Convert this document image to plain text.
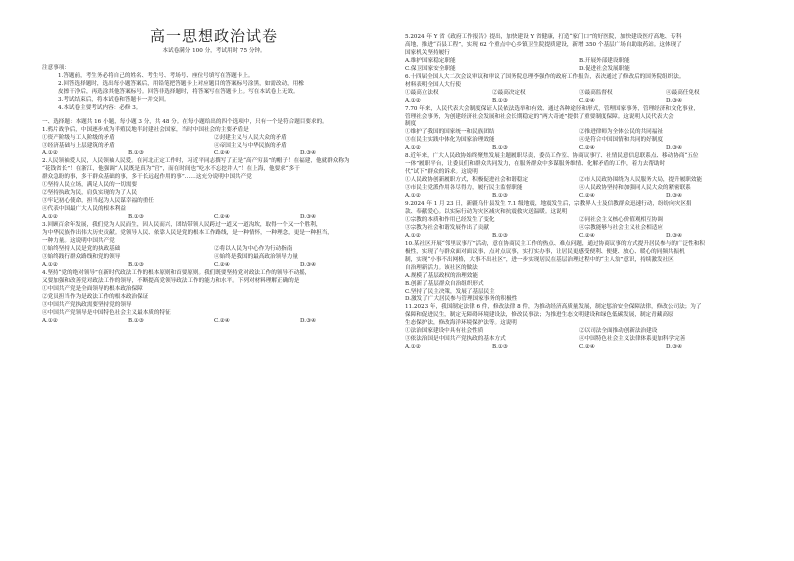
高一思想政治试卷
本试卷满分 100 分，考试用时 75 分钟。
注意事项：
1.答题前，考生务必将自己的姓名、考生号、考场号、座位号填写在答题卡上。
2.回答选择题时，选出每小题答案后，用铅笔把答题卡上对应题目的答案标号涂黑，如需改动，用橡
皮擦干净后，再选涂其他答案标号。回答非选择题时，将答案写在答题卡上。写在本试卷上无效。
3.考试结束后，将本试卷和答题卡一并交回。
4.本试卷主要考试内容：必修 3。
一、选择题：本题共 16 小题，每小题 3 分，共 48 分。在每小题给出的四个选项中，只有一个是符合题目要求的。
1.鸦片战争后，中国逐步成为半殖民地半封建社会国家，当时中国社会的主要矛盾是
①资产阶级与工人阶级的矛盾	②封建主义与人民大众的矛盾
③经济基础与上层建筑的矛盾	④帝国主义与中华民族的矛盾
A.①②	B.①③	C.②④	D.③④
2.人民领袖爱人民，人民领袖人民爱。在河北正定工作时，习近平同志撰写了正是“高产穷县”的帽子！在福建，他就群众称为
“花钱省长”！在浙江，他强调“人民既是真为“官”，而在时间也“吃水不忘挖井人”！在上海，他要求“多干
群众急盼的事，多干群众基础的事，多干长远起作用的事”……这充分说明中国共产党
①坚持人民立场，满足人民的一切需要
②坚持执政为民，肩负实现的为了人民
③牢记初心使命，担当起为人民谋幸福的重任
④代表中国最广大人民的根本利益
A.①②	B.①③	C.②④	D.③④
3.回顾百余年发展，我们党为人民而生，因人民而兴，团结带领人民跨过一道又一道沟坎，取得一个又一个胜利，
为中华民族作出伟大历史贡献。党领导人民、依靠人民是党的根本工作路线，是一种情怀，一种理念，更是一种担当，
一种力量。这说明中国共产党
①始终坚持人民是党的执政基础	②将以人民为中心作为行动指南
③始终践行群众路线和党的领导	④始终是我国的最高政治领导力量
A.①②	B.①③	C.②④	D.③④
4.坚持“党的绝对领导”在新时代政法工作的根本原则和首要原则。我们既要坚持党对政法工作的领导不动摇，
又要加强和改善党对政法工作的领导，不断提高党领导政法工作的能力和水平。下列对材料理解正确的是
①中国共产党是全面领导的根本政治保障
②党员担当作为是政法工作的根本政治保证
③中国共产党执政需要坚持党的领导
④中国共产党领导是中国特色社会主义最本质的特征
A.①②	B.①③	C.②④	D.③④
5.2024 年 Y 省《政府工作报告》提出，加快建设 Y 省健康，打造“家门口”的好医院，加快建设医疗高地、专科
高地，推进“百县工程”，实现 62 个重点中心乡镇卫生院提质建设，新增 350 个基层广场自助取药站。这体现了
国家机关坚持履行
A.维护国家稳定职能	B.开展外部建设职能
C.保卫国家安全职能	D.促进社会发展职能
6.十四届全国人大二次会议审议和审议了国务院总理李强作的政府工作报告，表决通过了修改后的国务院组织法。
材料表明全国人大行使
①最高立法权	②最高决定权	③最高监督权	④最高任免权
A.①②	B.①③	C.②④	D.③④
7.70 年来，人民代表大会制度保证人民依法选举和有效、通过各种途径和形式，管理国家事务，管理经济和文化事业，
管理社会事务，为创建经济社会发展和社会长期稳定的“两大奇迹”提供了重要制度保障。这说明人民代表大会
制度
①维护了我国的国家统一和民族团结	②推进律师为全体公民的共同福祉
③在民主实践中体化为国家治理效能	④是符合中国国情和共同的好制度
A.①②	B.①③	C.②④	D.③④
8.近年来，广大人民政协始终聚焦发展主题履职尽责，委员工作室、协商议事厅、社情民意信息联系点、移动协商“五位
一体”履职平台，让委员们和群众共同发力，在服务群众中多谋服务维情、化解矛盾的工作，着力去帮助时
代“试下”群众的诉求。这说明
①人民政协创新履职方式，积极促进社会和谐稳定	②市人民政协围绕为人民服务大局，提升履职效能
③市民主党派作用各尽得力，履行民主监督职能	④人民政协坚持和加强同人民大众的紧密联系
A.①②	B.①③	C.②④	D.③④
9.2024 年 1 月 23 日，新疆乌什县发生 7.1 级地震，地震发生后，宗教界人士及信教群众迅速行动，纷纷向灾区捐
款、奉献爱心。以实际行动为灾区减灾和抗震救灾送温暖。这说明
①宗教的本质和作用已经发生了变化	②同社会主义核心价值观相互协调
③宗教为社会和谐发展作出了贡献	④宗教能够与社会主义社会相适应
A.①②	B.①③	C.②④	D.③④
10.某社区开展“邻里议事厅”活动，意在协商民主工作的热点、难点问题，通过协商议事的方式提升居民参与的广泛性和积
极性，实现了与群众面对面议事，点对点议事，实打实办事，让居民更感受便利、便捷、放心、暖心的同频共振机
制，实现“小事不出网格，大事不出社区”，进一步实现居民在基层治理过程中的“主人翁”意识，持续激发社区
自治理新活力。该社区的做法
A.规模了基层政权的治理效能
B.创新了基层群众自治组织形式
C.坚持了民主决策，发展了基层民主
D.激发了广大居民参与管理国家事务的积极性
11.2023 年，我国制定法律 6 件，修改法律 8 件，为推动经济高质量发展，制定惩治安全保障法律，修改公司法；为了
保障和促进民生，制定无障碍环境建设法，修改民事法；为推进生态文明建设和绿色低碳发展，制定青藏高原
生态保护法，修改海洋环境保护法等。这说明
①法治国家建设中具有社会性质	②以司法全面推动创新法治建设
③依法治国是中国共产党执政的基本方式	④中国特色社会主义法律体系更加科学完善
A.①②	B.①③	C.②④	D.③④
